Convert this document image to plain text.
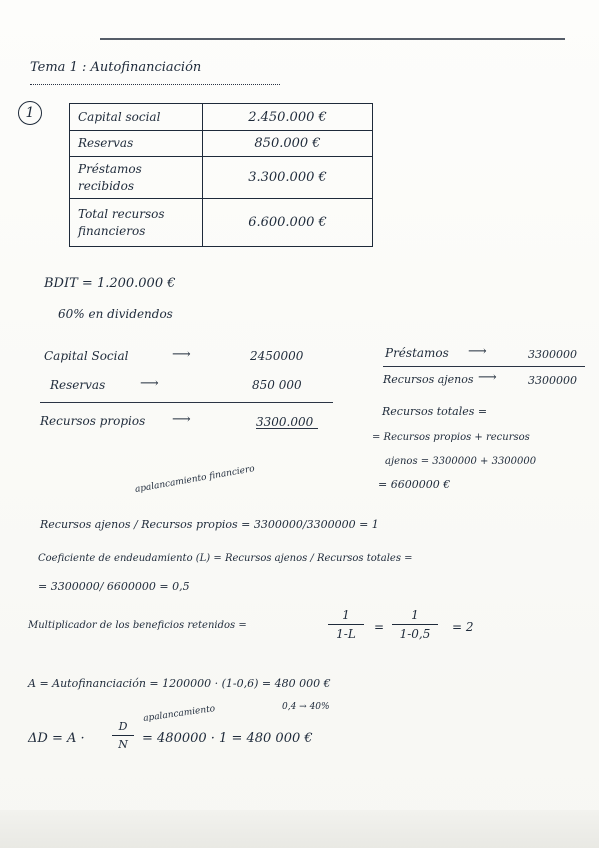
Tema 1 : Autofinanciación
1	Capital social	2.450.000 €
Reservas	850.000 €
Préstamos recibidos	3.300.000 €
Total recursos financieros	6.600.000 €
BDIT = 1.200.000 €
60% en dividendos
Capital Social	⟶	2450000
Reservas	⟶	850 000
Recursos propios ⟶	3300.000
Préstamos ⟶	3300000
Recursos ajenos ⟶	3300000
Recursos totales =
= Recursos propios + recursos
ajenos = 3300000 + 3300000
= 6600000 €
apalancamiento financiero
Recursos ajenos / Recursos propios = 3300000/3300000 = 1
Coeficiente de endeudamiento (L) = Recursos ajenos / Recursos totales =
= 3300000/ 6600000 = 0,5
Multiplicador de los beneficios retenidos =
1
1-L	=
1
1-0,5	= 2
A = Autofinanciación = 1200000 · (1-0,6) = 480 000 €
0,4 → 40%
apalancamiento
ΔD = A ·
D
N	= 480000 · 1 = 480 000 €
